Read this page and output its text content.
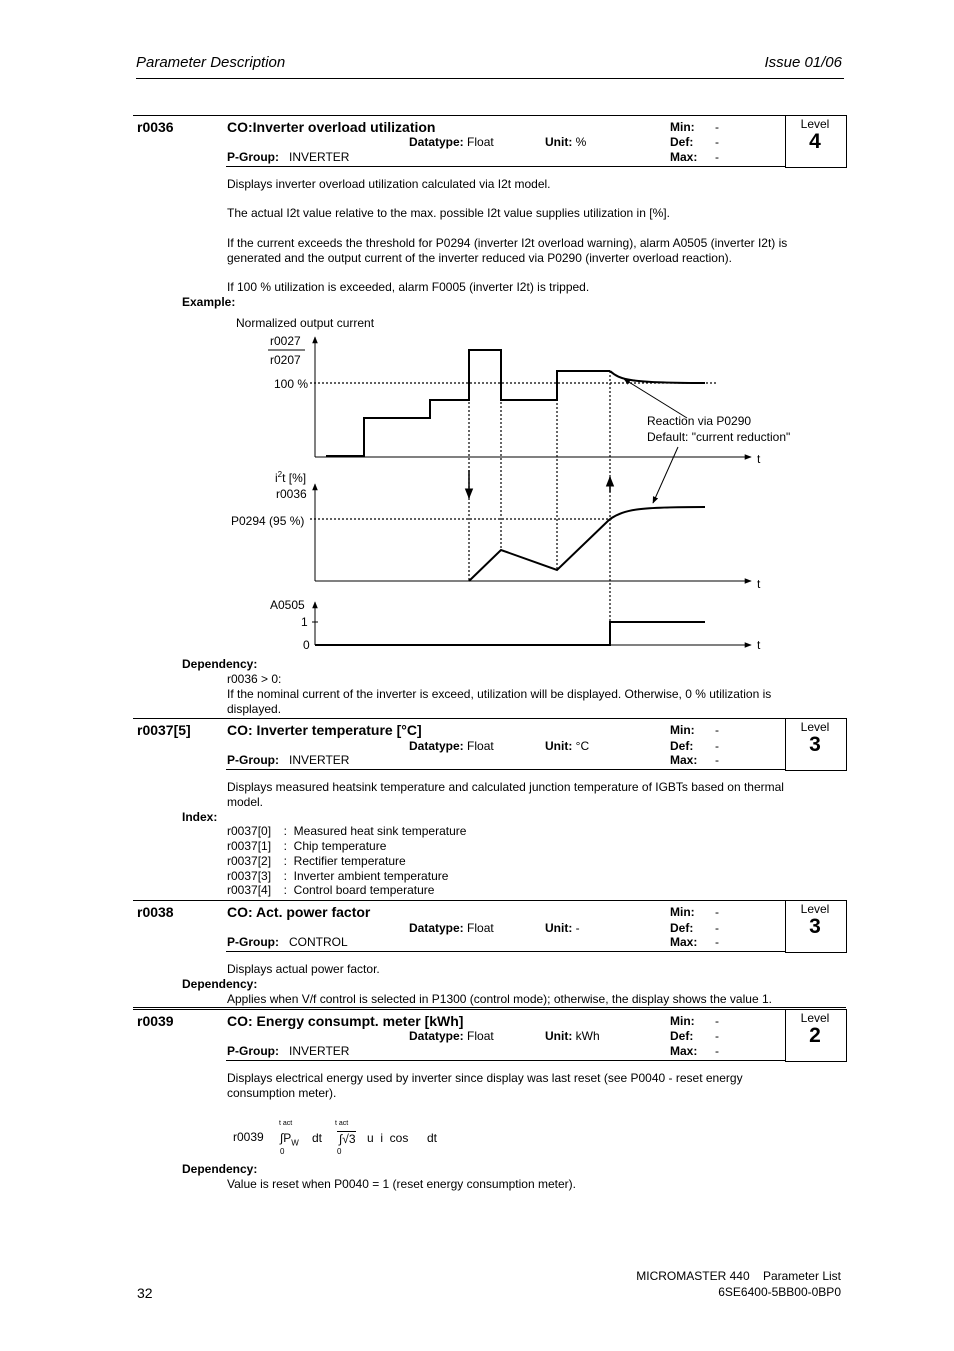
Parameter Description	Issue 01/06
r0036	CO:Inverter overload utilization
Datatype: Float	Unit: %
P-Group: INVERTER
Min: -
Def: -
Max: -
Level
4
Displays inverter overload utilization calculated via I2t model.
The actual I2t value relative to the max. possible I2t value supplies utilization in [%].
If the current exceeds the threshold for P0294 (inverter I2t overload warning), alarm A0505 (inverter I2t) is
generated and the output current of the inverter reduced via P0290 (inverter overload reaction).
If 100 % utilization is exceeded, alarm F0005 (inverter I2t) is tripped.
Example:
Normalized output current
r0027
r0207
100 %
Reaction via P0290
Default: "current reduction"
t
$i^2t$ [%]
r0036
P0294 (95 %)
t
A0505
1
0	t
Dependency:
r0036 > 0:
If the nominal current of the inverter is exceed, utilization will be displayed. Otherwise, 0 % utilization is
displayed.
r0037[5]	CO: Inverter temperature [°C]
Datatype: Float	Unit: °C
P-Group: INVERTER
Min: -
Def: -
Max: -
Level
3
Displays measured heatsink temperature and calculated junction temperature of IGBTs based on thermal
model.
Index:
r0037[0]  :  Measured heat sink temperature
r0037[1]  :  Chip temperature
r0037[2]  :  Rectifier temperature
r0037[3]  :  Inverter ambient temperature
r0037[4]  :  Control board temperature
r0038	CO: Act. power factor
Datatype: Float	Unit: -
P-Group: CONTROL
Min: -
Def: -
Max: -
Level
3
Displays actual power factor.
Dependency:
Applies when V/f control is selected in P1300 (control mode); otherwise, the display shows the value 1.
r0039	CO: Energy consumpt. meter [kWh]
Datatype: Float	Unit: kWh
P-Group: INVERTER
Min: -
Def: -
Max: -
Level
2
Displays electrical energy used by inverter since display was last reset (see P0040 - reset energy
consumption meter).
r0039
t act
$\int P_W$
0
dt
t act
∫√3
0
u  i  cos dt
Dependency:
Value is reset when P0040 = 1 (reset energy consumption meter).
32
MICROMASTER 440    Parameter List
6SE6400-5BB00-0BP0
